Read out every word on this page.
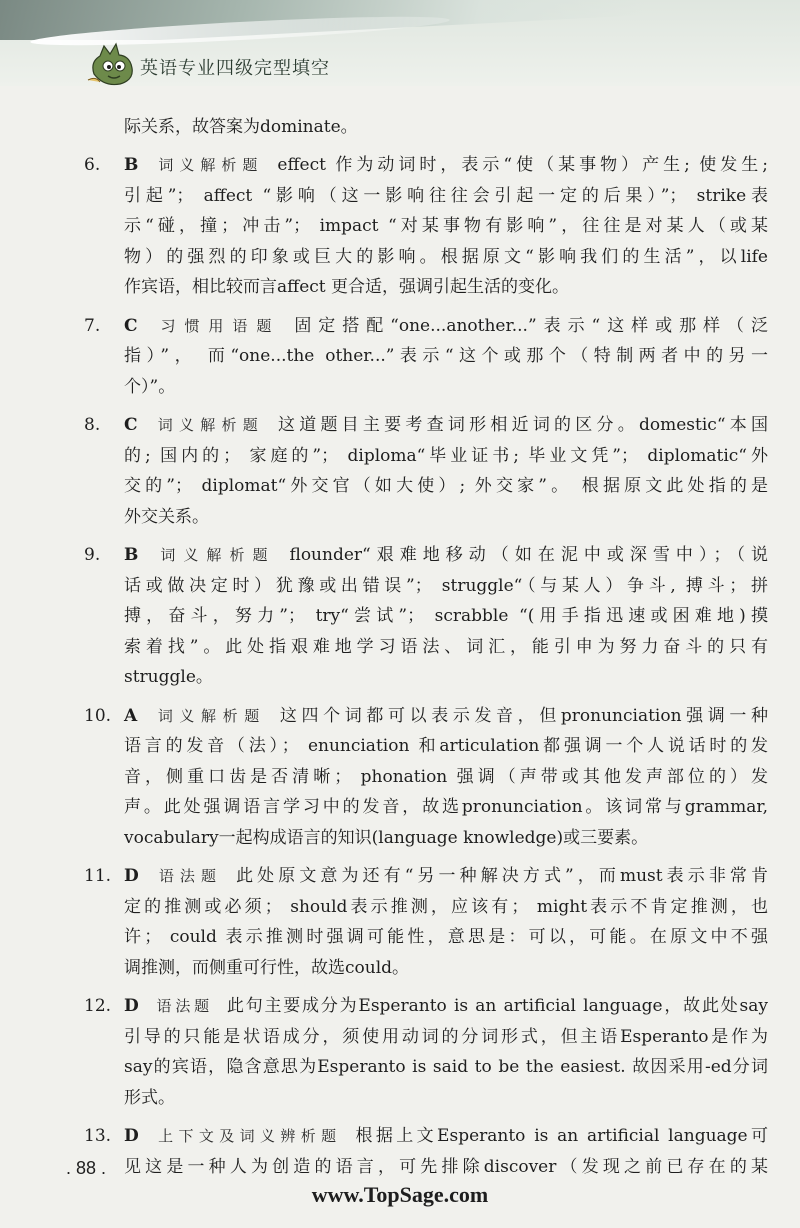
英语专业四级完型填空
际关系，故答案为dominate。
6.	B 词义解析题 effect 作为动词时，表示“使（某事物）产生; 使发生;
引起”； affect “影响（这一影响往往会引起一定的后果）”； strike表
示“碰，撞；冲击”； impact “对某事物有影响”，往往是对某人（或某
物）的强烈的印象或巨大的影响。根据原文“影响我们的生活”，以life
作宾语，相比较而言affect 更合适，强调引起生活的变化。
7.	C 习惯用语题 固定搭配“one...another...”表示“这样或那样（泛
指）”， 而“one...the other...”表示“这个或那个（特制两者中的另一
个）”。
8.	C 词义解析题 这道题目主要考查词形相近词的区分。domestic“本国
的; 国内的； 家庭的”； diploma“毕业证书; 毕业文凭”； diplomatic“外
交的”； diplomat“外交官（如大使）; 外交家”。 根据原文此处指的是
外交关系。
9.	B 词义解析题 flounder“艰难地移动（如在泥中或深雪中）；（说
话或做决定时）犹豫或出错误”； struggle“（与某人）争斗, 搏斗；拼
搏，奋斗，努力”； try“尝试”； scrabble “(用手指迅速或困难地)摸
索着找”。此处指艰难地学习语法、词汇，能引申为努力奋斗的只有
struggle。
10. A 词义解析题 这四个词都可以表示发音，但pronunciation强调一种
语言的发音（法）； enunciation 和articulation都强调一个人说话时的发
音，侧重口齿是否清晰； phonation 强调（声带或其他发声部位的）发
声。此处强调语言学习中的发音，故选pronunciation。该词常与grammar,
vocabulary一起构成语言的知识(language knowledge)或三要素。
11. D 语法题 此处原文意为还有“另一种解决方式”，而must表示非常肯
定的推测或必须； should表示推测，应该有； might表示不肯定推测，也
许； could 表示推测时强调可能性，意思是：可以，可能。在原文中不强
调推测，而侧重可行性，故选could。
12. D 语法题 此句主要成分为Esperanto is an artificial language，故此处say
引导的只能是状语成分，须使用动词的分词形式，但主语Esperanto是作为
say的宾语，隐含意思为Esperanto is said to be the easiest. 故因采用-ed分词
形式。
13. D 上下文及词义辨析题 根据上文Esperanto is an artificial language可
见这是一种人为创造的语言，可先排除discover（发现之前已存在的某
. 88 .
www.TopSage.com
